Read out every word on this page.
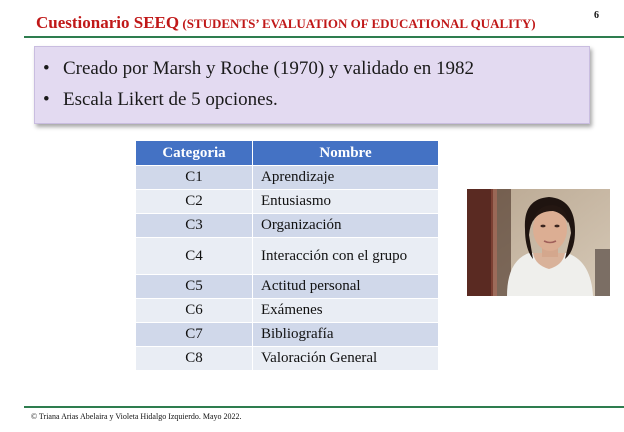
Cuestionario SEEQ (STUDENTS’ EVALUATION OF EDUCATIONAL QUALITY)
6
• Creado por Marsh y Roche (1970) y validado en 1982
• Escala Likert de 5 opciones.
Categoria	Nombre
C1	Aprendizaje
C2	Entusiasmo
C3	Organización
C4	Interacción con el grupo
C5	Actitud personal
C6	Exámenes
C7	Bibliografía
C8	Valoración General
© Triana Arias Abelaira y Violeta Hidalgo Izquierdo. Mayo 2022.
